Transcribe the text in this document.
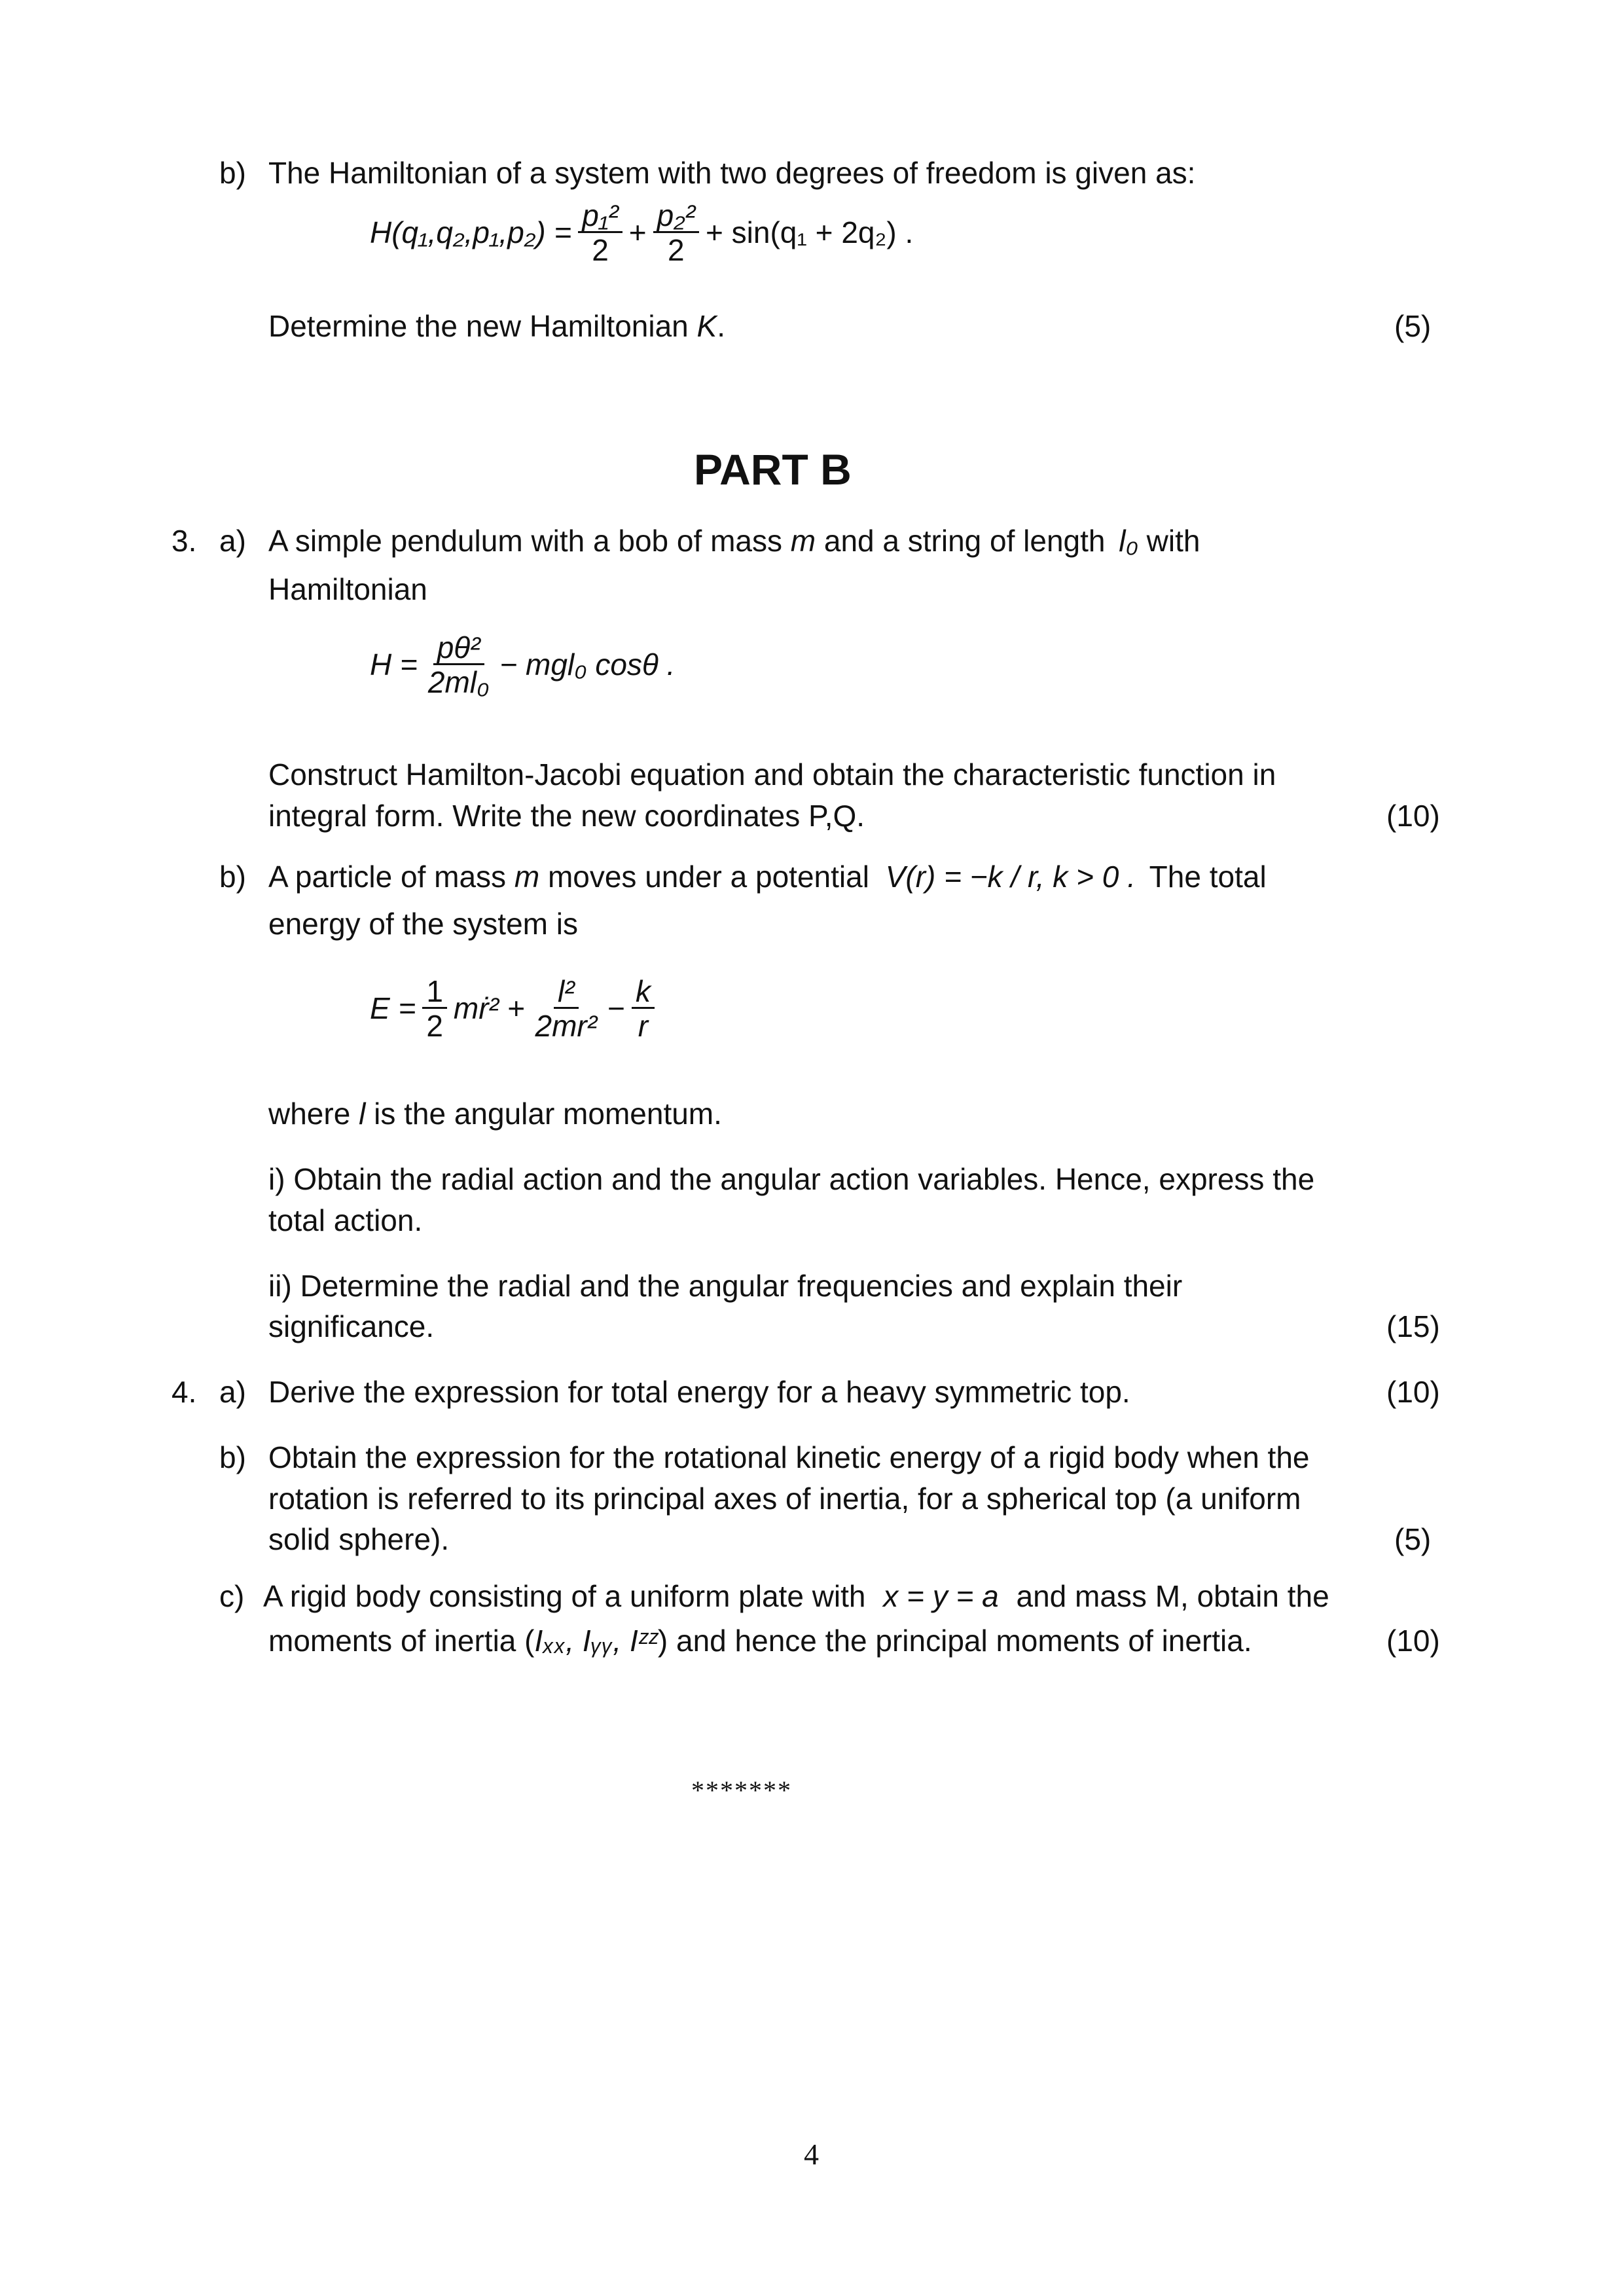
b) The Hamiltonian of a system with two degrees of freedom is given as:
$H(q_1,q_2,p_1,p_2) = \frac{\text{p₁²}}{2} + \frac{\text{p₂²}}{2} + \sin(q_1 + 2q_2)$ .
Determine the new Hamiltonian K.	(5)
PART B
3. a) A simple pendulum with a bob of mass m and a string of length l₀ with
Hamiltonian
$H = \frac{\text{pθ²}}{\text{2ml₀}} - mgl_0$ cosθ .
Construct Hamilton-Jacobi equation and obtain the characteristic function in
integral form. Write the new coordinates P,Q.	(10)
b) A particle of mass m moves under a potential V(r) = −k / r, k > 0 . The total
energy of the system is
$E = \frac{1}{2}$ mṙ² + $\frac{\text{l²}}{\text{2mr²}} - \frac{k}{r}$
where l is the angular momentum.
i) Obtain the radial action and the angular action variables. Hence, express the
total action.
ii) Determine the radial and the angular frequencies and explain their
significance.	(15)
4. a) Derive the expression for total energy for a heavy symmetric top.	(10)
b) Obtain the expression for the rotational kinetic energy of a rigid body when the
rotation is referred to its principal axes of inertia, for a spherical top (a uniform
solid sphere).	(5)
c) A rigid body consisting of a uniform plate with x = y = a and mass M, obtain the
moments of inertia (Iₓₓ, Iᵧᵧ, Iᶻᶻ) and hence the principal moments of inertia.	(10)
*******
4
